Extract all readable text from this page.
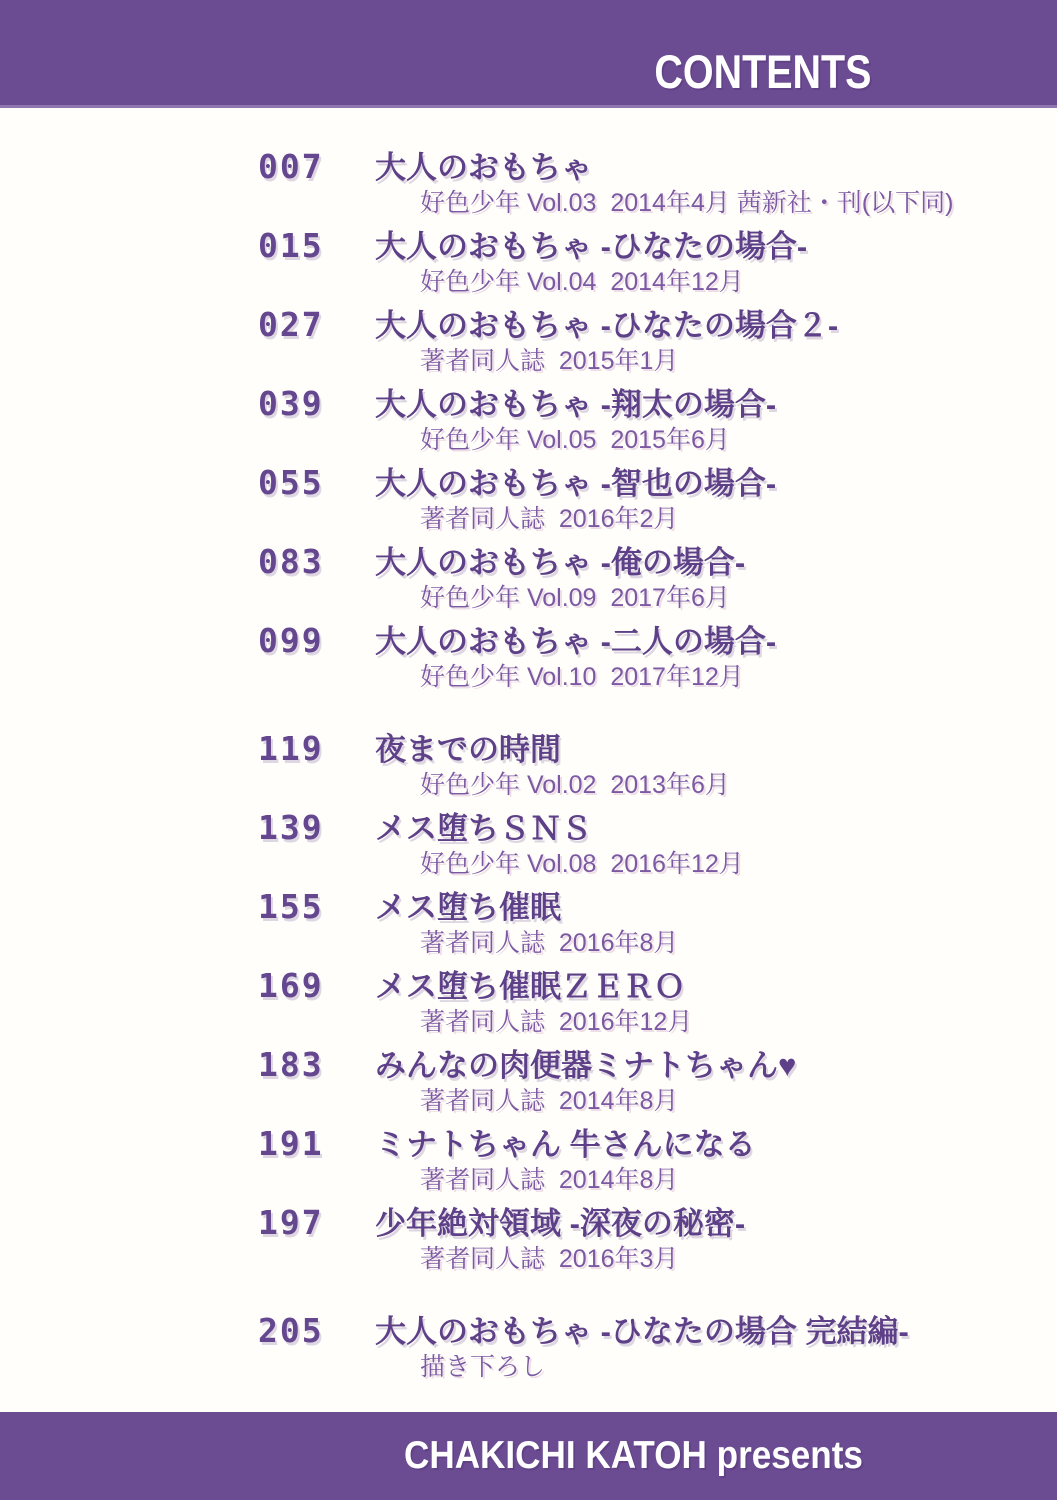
CONTENTS
007	大人のおもちゃ
好色少年 Vol.03  2014年4月 茜新社・刊(以下同)
015	大人のおもちゃ -ひなたの場合-
好色少年 Vol.04  2014年12月
027	大人のおもちゃ -ひなたの場合２-
著者同人誌  2015年1月
039	大人のおもちゃ -翔太の場合-
好色少年 Vol.05  2015年6月
055	大人のおもちゃ -智也の場合-
著者同人誌  2016年2月
083	大人のおもちゃ -俺の場合-
好色少年 Vol.09  2017年6月
099	大人のおもちゃ -二人の場合-
好色少年 Vol.10  2017年12月
119	夜までの時間
好色少年 Vol.02  2013年6月
139	メス堕ちＳＮＳ
好色少年 Vol.08  2016年12月
155	メス堕ち催眠
著者同人誌  2016年8月
169	メス堕ち催眠ＺＥＲＯ
著者同人誌  2016年12月
183	みんなの肉便器ミナトちゃん♥
著者同人誌  2014年8月
191	ミナトちゃん 牛さんになる
著者同人誌  2014年8月
197	少年絶対領域 -深夜の秘密-
著者同人誌  2016年3月
205	大人のおもちゃ -ひなたの場合 完結編-
描き下ろし
CHAKICHI KATOH presents
